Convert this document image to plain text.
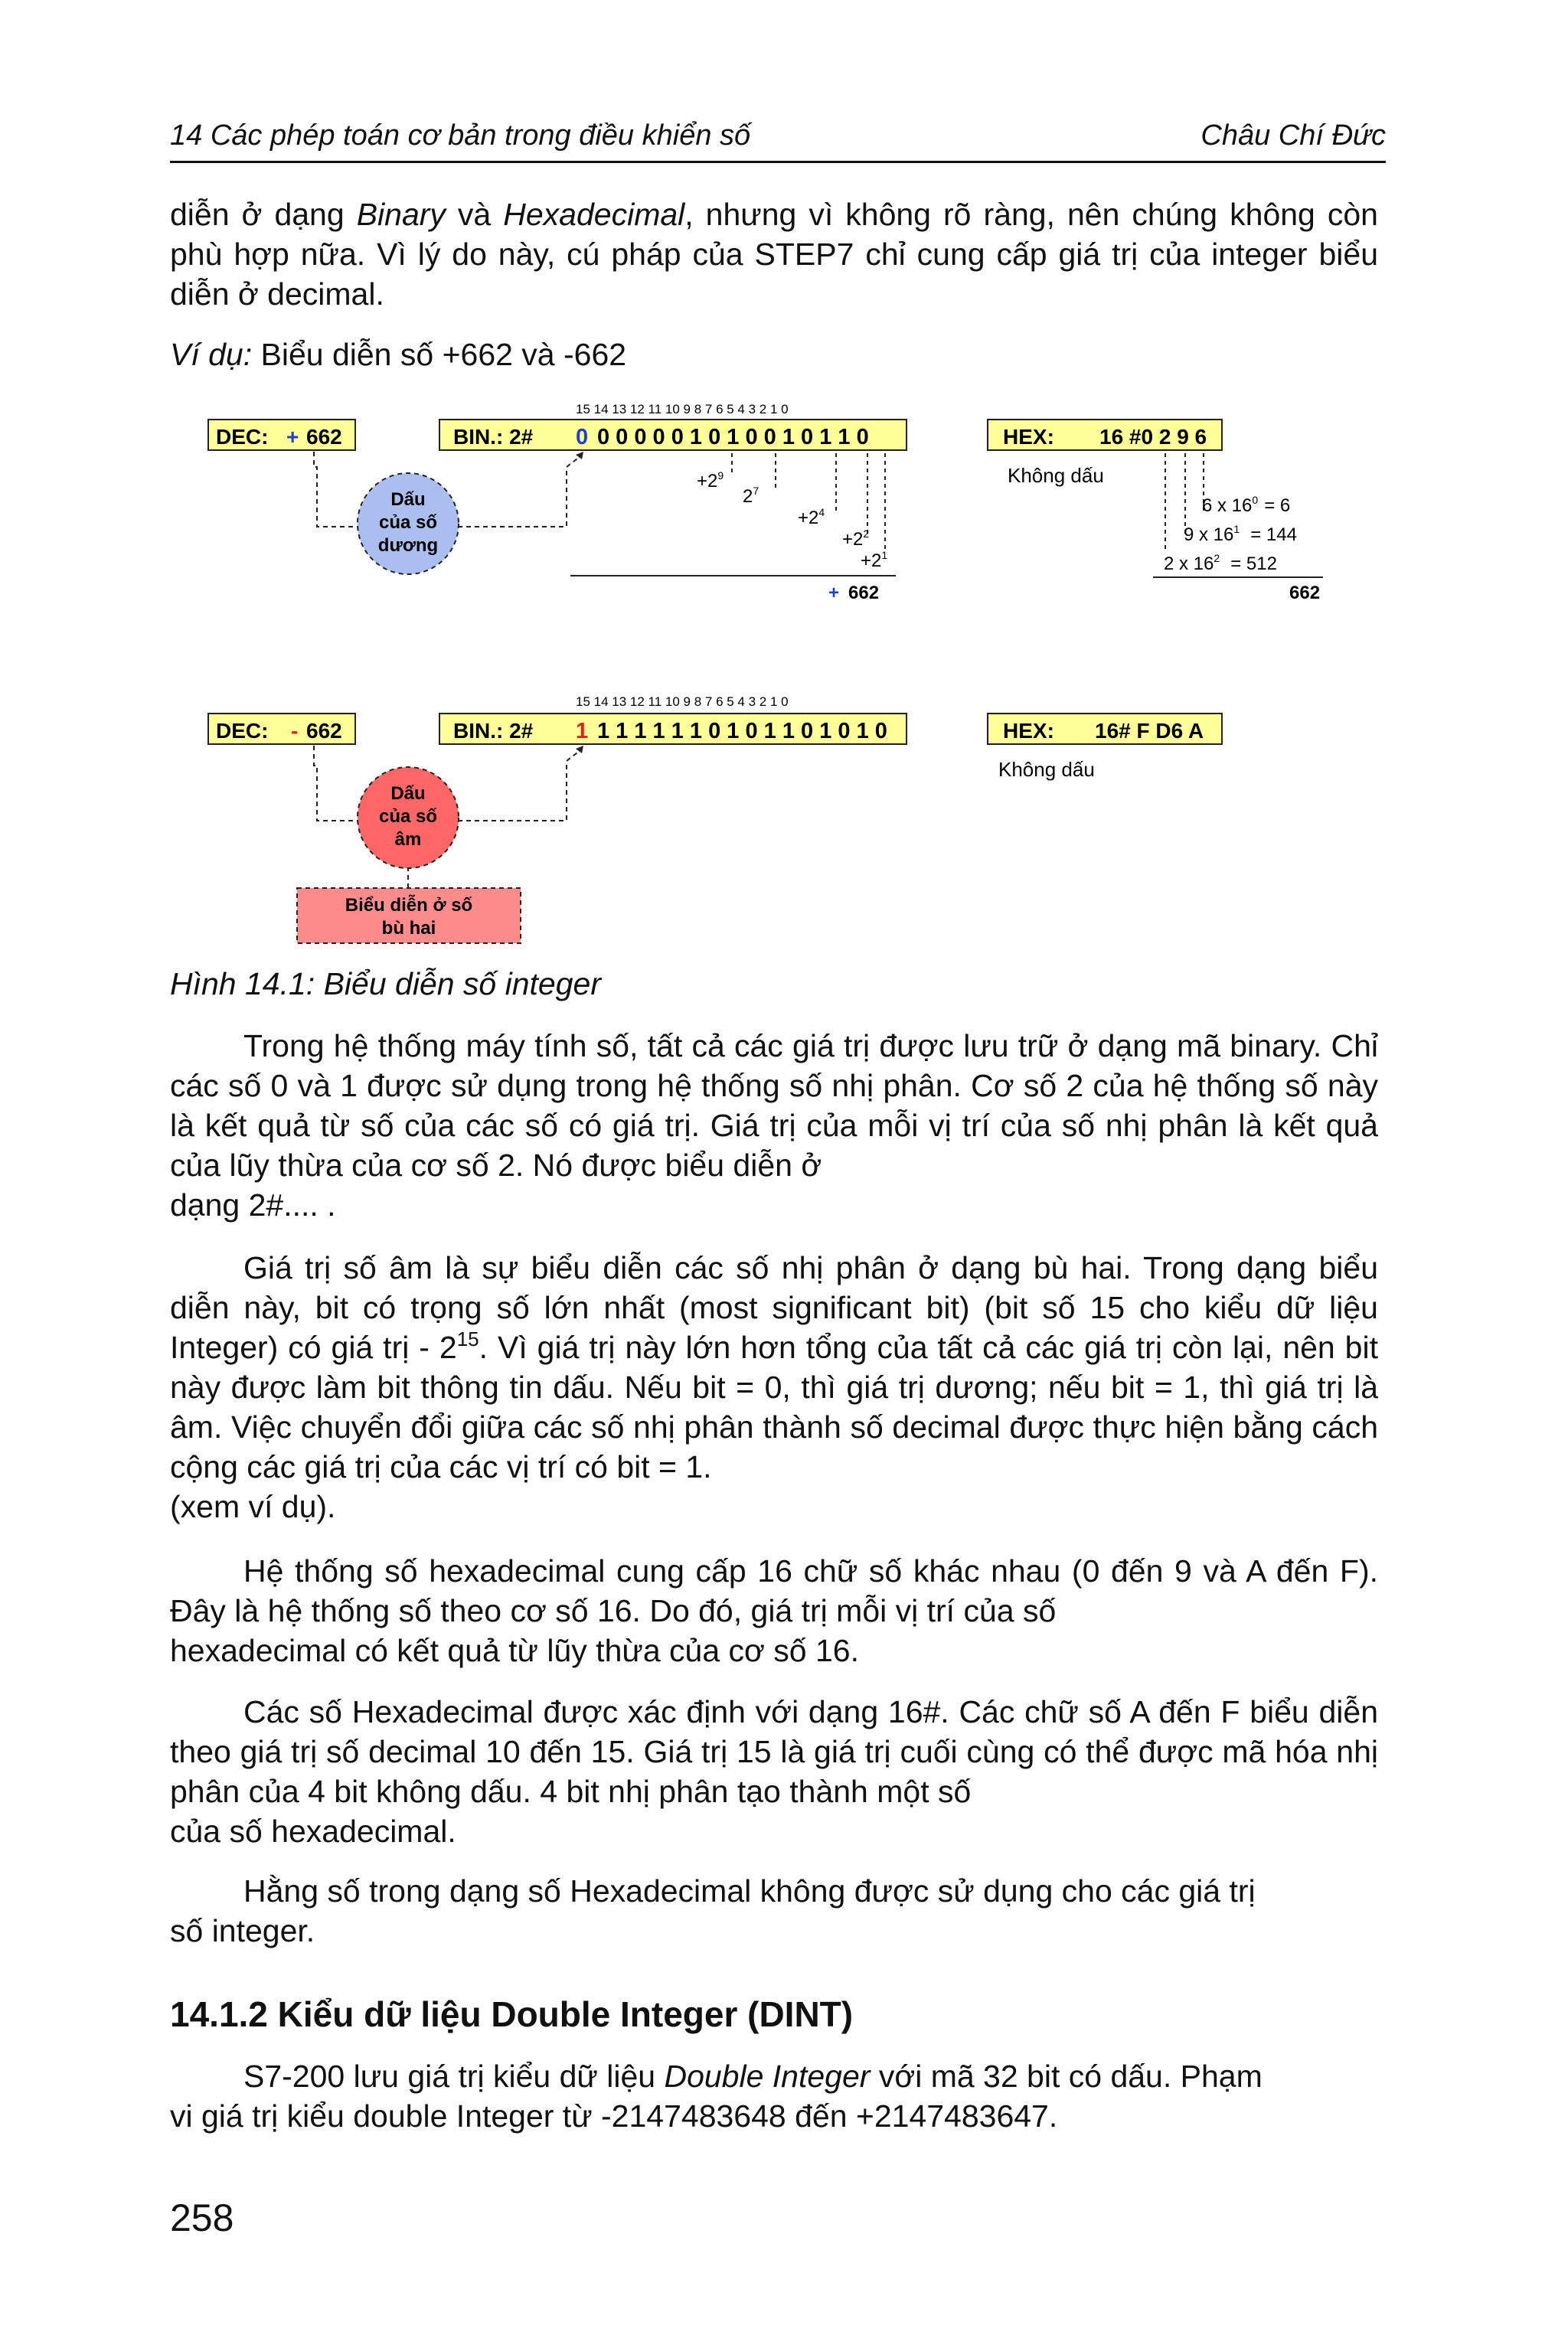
14 Các phép toán cơ bản trong điều khiển số	Châu Chí Đức

diễn ở dạng Binary và Hexadecimal, nhưng vì không rõ ràng, nên chúng không còn phù hợp nữa. Vì lý do này, cú pháp của STEP7 chỉ cung cấp giá trị của integer biểu diễn ở decimal.

Ví dụ: Biểu diễn số +662 và -662
15 14 13 12 11 10 9 8 7 6 5 4 3 2 1 0
DEC: + 662	BIN.: 2# 0 0 0 0 0 0 1 0 1 0 0 1 0 1 1 0	HEX: 16 #0 2 9 6
Không dấu
Dấu
của số
dương
$+2^9$
$2^7$
$+2^4$
$+2^2$
$+2^1$
+ 662
6 x $16^0 = 6$
9 x $16^1 = 144$
2 x $16^2 = 512$
662
15 14 13 12 11 10 9 8 7 6 5 4 3 2 1 0
DEC: - 662	BIN.: 2# 1 1 1 1 1 1 1 0 1 0 1 1 0 1 0 1 0	HEX: 16# F D6 A
Không dấu
Dấu
của số
âm
Biểu diễn ở số
bù hai
Hình 14.1: Biểu diễn số integer

Trong hệ thống máy tính số, tất cả các giá trị được lưu trữ ở dạng mã binary. Chỉ các số 0 và 1 được sử dụng trong hệ thống số nhị phân. Cơ số 2 của hệ thống số này là kết quả từ số của các số có giá trị. Giá trị của mỗi vị trí của số nhị phân là kết quả của lũy thừa của cơ số 2. Nó được biểu diễn ở
dạng 2#.... .

Giá trị số âm là sự biểu diễn các số nhị phân ở dạng bù hai. Trong dạng biểu diễn này, bit có trọng số lớn nhất (most significant bit) (bit số 15 cho kiểu dữ liệu Integer) có giá trị - $2^{15}$. Vì giá trị này lớn hơn tổng của tất cả các giá trị còn lại, nên bit này được làm bit thông tin dấu. Nếu bit = 0, thì giá trị dương; nếu bit = 1, thì giá trị là âm. Việc chuyển đổi giữa các số nhị phân thành số decimal được thực hiện bằng cách cộng các giá trị của các vị trí có bit = 1.
(xem ví dụ).

Hệ thống số hexadecimal cung cấp 16 chữ số khác nhau (0 đến 9 và A đến F). Đây là hệ thống số theo cơ số 16. Do đó, giá trị mỗi vị trí của số
hexadecimal có kết quả từ lũy thừa của cơ số 16.

Các số Hexadecimal được xác định với dạng 16#. Các chữ số A đến F biểu diễn theo giá trị số decimal 10 đến 15. Giá trị 15 là giá trị cuối cùng có thể được mã hóa nhị phân của 4 bit không dấu. 4 bit nhị phân tạo thành một số
của số hexadecimal.

Hằng số trong dạng số Hexadecimal không được sử dụng cho các giá trị
số integer.

14.1.2 Kiểu dữ liệu Double Integer (DINT)

S7-200 lưu giá trị kiểu dữ liệu Double Integer với mã 32 bit có dấu. Phạm
vi giá trị kiểu double Integer từ -2147483648 đến +2147483647.

258
